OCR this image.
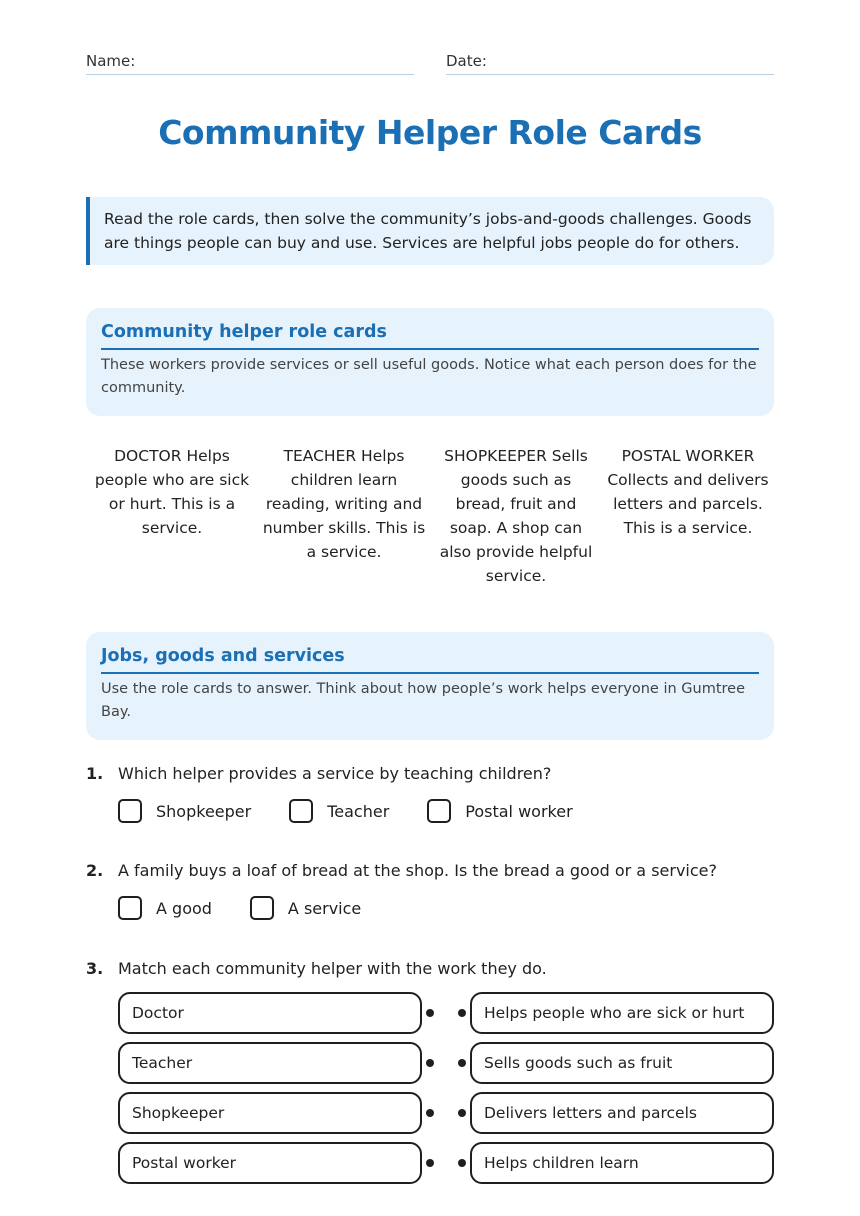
Name:	Date:
Community Helper Role Cards
Read the role cards, then solve the community’s jobs-and-goods challenges. Goods are things people can buy and use. Services are helpful jobs people do for others.
Community helper role cards

These workers provide services or sell useful goods. Notice what each person does for the community.

DOCTOR Helps people who are sick or hurt. This is a service.
TEACHER Helps children learn reading, writing and number skills. This is a service.
SHOPKEEPER Sells goods such as bread, fruit and soap. A shop can also provide helpful service.
POSTAL WORKER Collects and delivers letters and parcels. This is a service.
Jobs, goods and services

Use the role cards to answer. Think about how people’s work helps everyone in Gumtree Bay.

1. Which helper provides a service by teaching children?
Shopkeeper	Teacher	Postal worker
2. A family buys a loaf of bread at the shop. Is the bread a good or a service?
A good	A service
3. Match each community helper with the work they do.
Doctor	Helps people who are sick or hurt
Teacher	Sells goods such as fruit
Shopkeeper	Delivers letters and parcels
Postal worker	Helps children learn
